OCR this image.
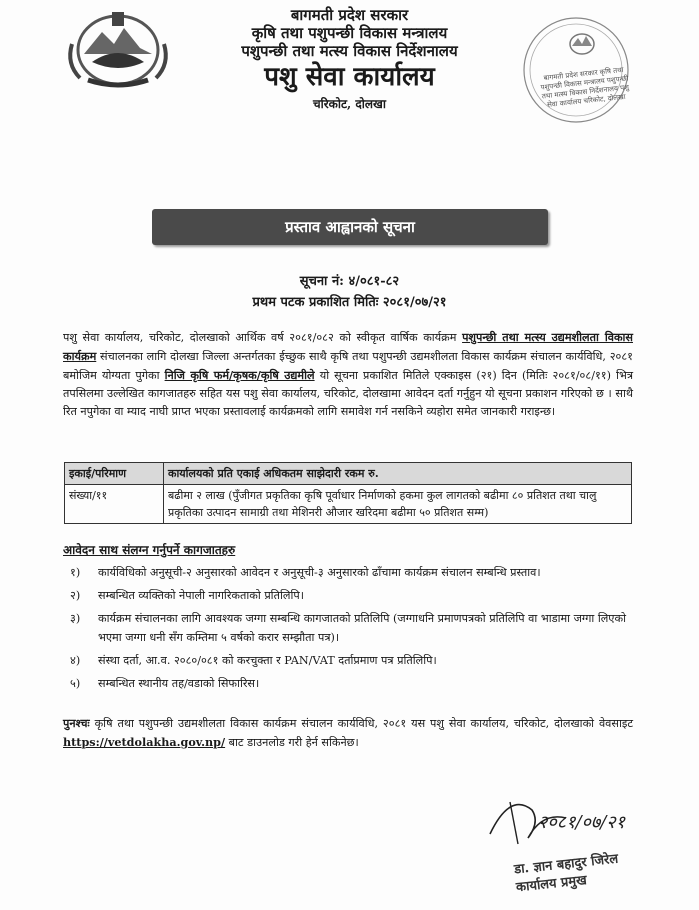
बागमती प्रदेश सरकार कृषि तथा पशुपन्छी विकास मन्त्रालय पशुपन्छी तथा मत्स्य विकास निर्देशनालय पशु सेवा कार्यालय चरिकोट, दोलखा

बागमती प्रदेश सरकार

कृषि तथा पशुपन्छी विकास मन्त्रालय

पशुपन्छी तथा मत्स्य विकास निर्देशनालय

पशु सेवा कार्यालय

चरिकोट, दोलखा

प्रस्ताव आह्वानको सूचना
सूचना नं: ४/०८१-८२
प्रथम पटक प्रकाशित मितिः २०८१/०७/२१
पशु सेवा कार्यालय, चरिकोट, दोलखाको आर्थिक वर्ष २०८१/०८२ को स्वीकृत वार्षिक कार्यक्रम पशुपन्छी तथा मत्स्य उद्यमशीलता विकास कार्यक्रम संचालनका लागि दोलखा जिल्ला अन्तर्गतका ईच्छुक साथै कृषि तथा पशुपन्छी उद्यमशीलता विकास कार्यक्रम संचालन कार्यविधि, २०८१ बमोजिम योग्यता पुगेका निजि कृषि फर्म/कृषक/कृषि उद्यमीले यो सूचना प्रकाशित मितिले एक्काइस (२१) दिन (मितिः २०८१/०८/११) भित्र तपसिलमा उल्लेखित कागजातहरु सहित यस पशु सेवा कार्यालय, चरिकोट, दोलखामा आवेदन दर्ता गर्नुहुन यो सूचना प्रकाशन गरिएको छ । साथै रित नपुगेका वा म्याद नाघी प्राप्त भएका प्रस्तावलाई कार्यक्रमको लागि समावेश गर्न नसकिने व्यहोरा समेत जानकारी गराइन्छ।
इकाई/परिमाण	कार्यालयको प्रति एकाई अधिकतम साझेदारी रकम रु.
संख्या/११	बढीमा २ लाख (पुँजीगत प्रकृतिका कृषि पूर्वाधार निर्माणको हकमा कुल लागतको बढीमा ८० प्रतिशत तथा चालु प्रकृतिका उत्पादन सामाग्री तथा मेशिनरी औजार खरिदमा बढीमा ५० प्रतिशत सम्म)
आवेदन साथ संलग्न गर्नुपर्ने कागजातहरु
१)	कार्यविधिको अनुसूची-२ अनुसारको आवेदन र अनुसूची-३ अनुसारको ढाँचामा कार्यक्रम संचालन सम्बन्धि प्रस्ताव।
२)	सम्बन्धित व्यक्तिको नेपाली नागरिकताको प्रतिलिपि।
३)	कार्यक्रम संचालनका लागि आवश्यक जग्गा सम्बन्धि कागजातको प्रतिलिपि (जग्गाधनि प्रमाणपत्रको प्रतिलिपि वा भाडामा जग्गा लिएको भएमा जग्गा धनी सँग कम्तिमा ५ वर्षको करार सम्झौता पत्र)।
४)	संस्था दर्ता, आ.व. २०८०/०८१ को करचुक्ता र PAN/VAT दर्ताप्रमाण पत्र प्रतिलिपि।
५)	सम्बन्धित स्थानीय तह/वडाको सिफारिस।
पुनश्चः कृषि तथा पशुपन्छी उद्यमशीलता विकास कार्यक्रम संचालन कार्यविधि, २०८१ यस पशु सेवा कार्यालय, चरिकोट, दोलखाको वेवसाइट https://vetdolakha.gov.np/ बाट डाउनलोड गरी हेर्न सकिनेछ।
२०८१/०७/२१
डा. ज्ञान बहादुर जिरेल
कार्यालय प्रमुख
